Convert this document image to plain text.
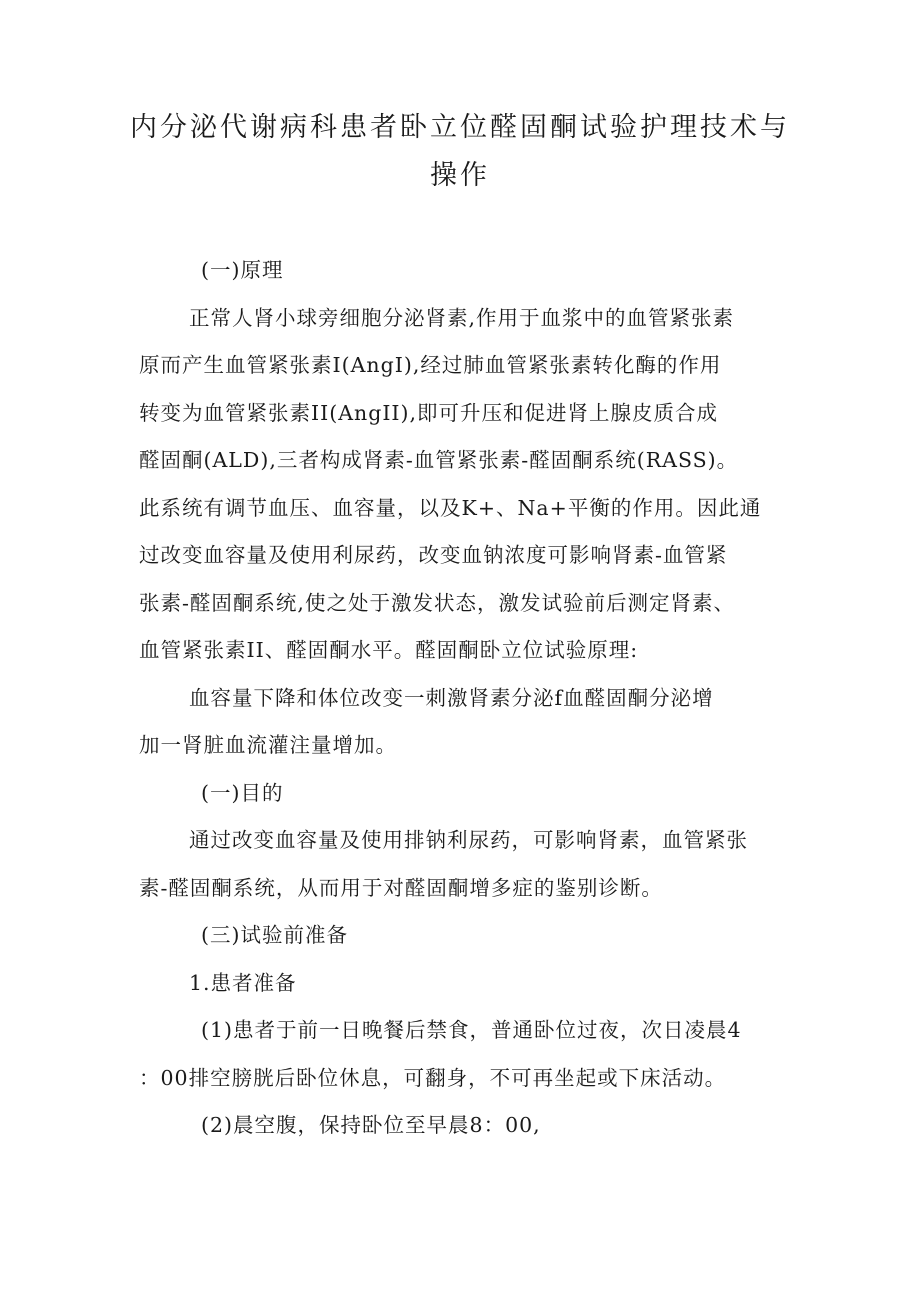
内分泌代谢病科患者卧立位醛固酮试验护理技术与
操作

(一)原理

正常人肾小球旁细胞分泌肾素,作用于血浆中的血管紧张素

原而产生血管紧张素I(AngI),经过肺血管紧张素转化酶的作用

转变为血管紧张素II(AngII),即可升压和促进肾上腺皮质合成

醛固酮(ALD),三者构成肾素-血管紧张素-醛固酮系统(RASS)。

此系统有调节血压、血容量，以及K+、Na+平衡的作用。因此通

过改变血容量及使用利尿药，改变血钠浓度可影响肾素-血管紧

张素-醛固酮系统,使之处于激发状态，激发试验前后测定肾素、

血管紧张素II、醛固酮水平。醛固酮卧立位试验原理:

血容量下降和体位改变一刺激肾素分泌f血醛固酮分泌增

加一肾脏血流灌注量增加。

(一)目的

通过改变血容量及使用排钠利尿药，可影响肾素，血管紧张

素-醛固酮系统，从而用于对醛固酮增多症的鉴别诊断。

(三)试验前准备

1.患者准备

(1)患者于前一日晚餐后禁食，普通卧位过夜，次日凌晨4

：00排空膀胱后卧位休息，可翻身，不可再坐起或下床活动。

(2)晨空腹，保持卧位至早晨8：00,
